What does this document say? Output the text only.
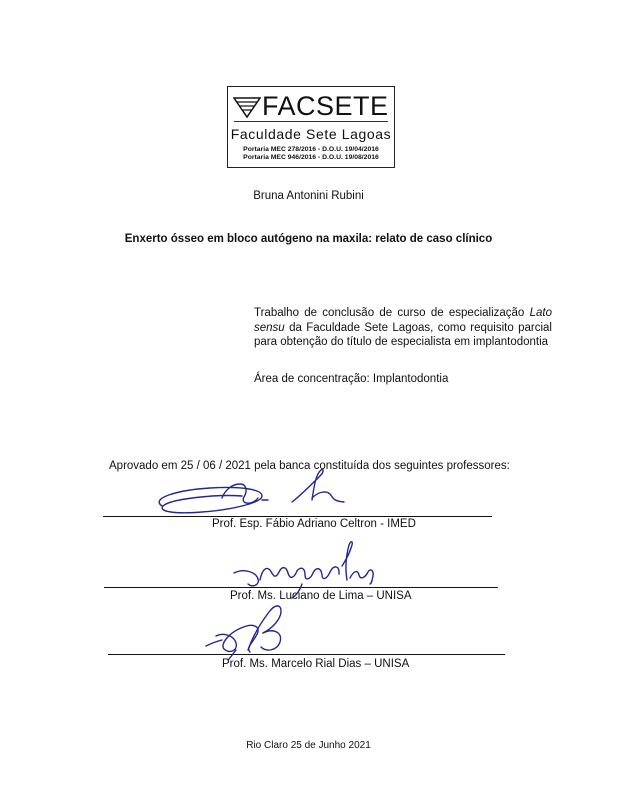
FACSETE
Faculdade Sete Lagoas
Portaria MEC 278/2016 - D.O.U. 19/04/2016
Portaria MEC 946/2016 - D.O.U. 19/08/2016
Bruna Antonini Rubini
Enxerto ósseo em bloco autógeno na maxila: relato de caso clínico
Trabalho de conclusão de curso de especialização Lato sensu da Faculdade Sete Lagoas, como requisito parcial para obtenção do título de especialista em implantodontia
Área de concentração: Implantodontia
Aprovado em 25 / 06 / 2021 pela banca constituída dos seguintes professores:
Prof. Esp. Fábio Adriano Celtron - IMED
Prof. Ms. Luciano de Lima – UNISA
Prof. Ms. Marcelo Rial Dias – UNISA
Rio Claro 25 de Junho 2021
